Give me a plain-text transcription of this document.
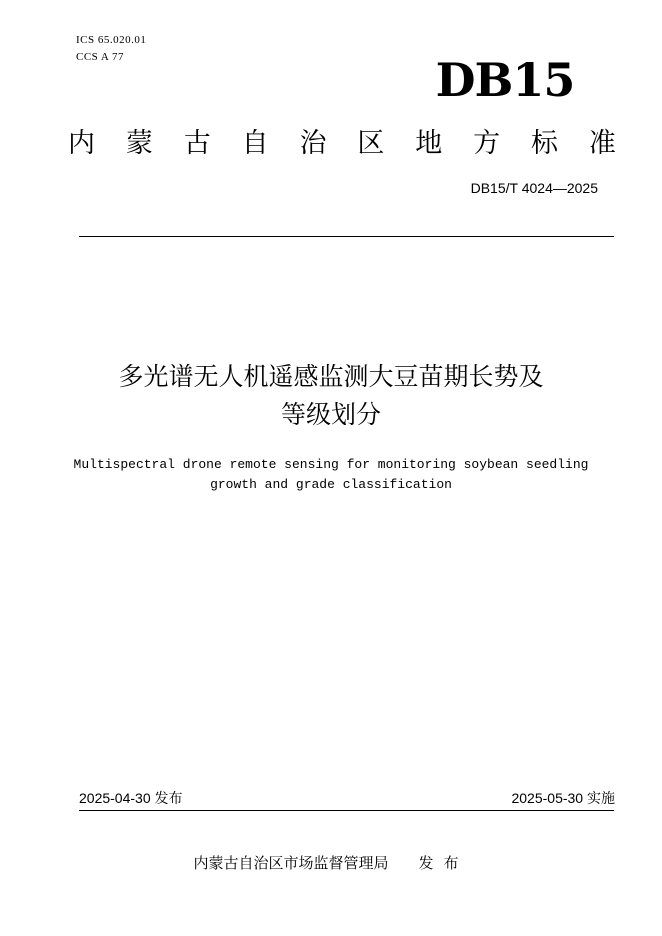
ICS 65.020.01
CCS A 77	DB15
内 蒙 古 自 治 区 地 方 标 准
DB15/T 4024—2025
多光谱无人机遥感监测大豆苗期长势及
等级划分
Multispectral drone remote sensing for monitoring soybean seedling
growth and grade classification
2025-04-30 发布	2025-05-30 实施
内蒙古自治区市场监督管理局 发布
